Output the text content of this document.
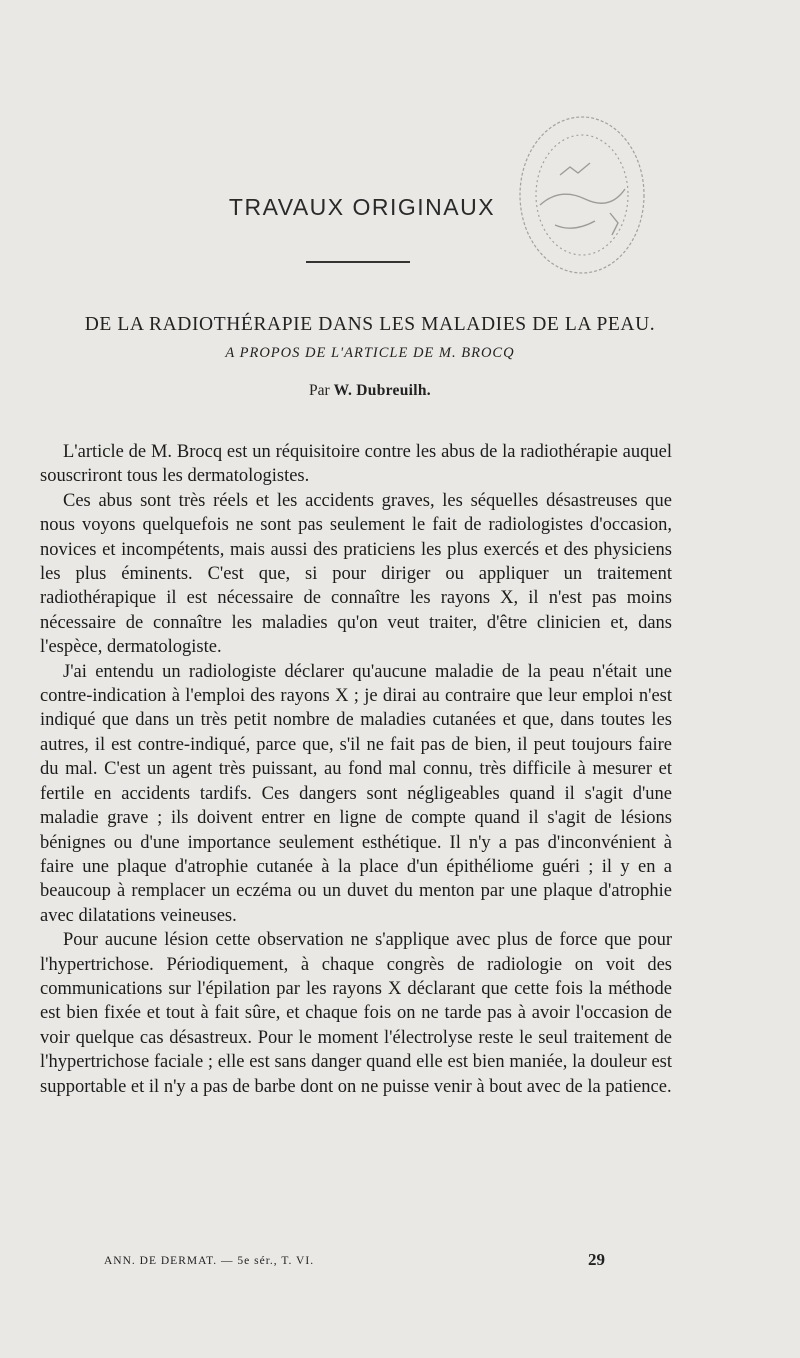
TRAVAUX ORIGINAUX
DE LA RADIOTHÉRAPIE DANS LES MALADIES DE LA PEAU.
A PROPOS DE L'ARTICLE DE M. BROCQ
Par W. Dubreuilh.

L'article de M. Brocq est un réquisitoire contre les abus de la radiothérapie auquel souscriront tous les dermatologistes.

Ces abus sont très réels et les accidents graves, les séquelles désastreuses que nous voyons quelquefois ne sont pas seulement le fait de radiologistes d'occasion, novices et incompétents, mais aussi des praticiens les plus exercés et des physiciens les plus éminents. C'est que, si pour diriger ou appliquer un traitement radiothérapique il est nécessaire de connaître les rayons X, il n'est pas moins nécessaire de connaître les maladies qu'on veut traiter, d'être clinicien et, dans l'espèce, dermatologiste.

J'ai entendu un radiologiste déclarer qu'aucune maladie de la peau n'était une contre-indication à l'emploi des rayons X ; je dirai au contraire que leur emploi n'est indiqué que dans un très petit nombre de maladies cutanées et que, dans toutes les autres, il est contre-indiqué, parce que, s'il ne fait pas de bien, il peut toujours faire du mal. C'est un agent très puissant, au fond mal connu, très difficile à mesurer et fertile en accidents tardifs. Ces dangers sont négligeables quand il s'agit d'une maladie grave ; ils doivent entrer en ligne de compte quand il s'agit de lésions bénignes ou d'une importance seulement esthétique. Il n'y a pas d'inconvénient à faire une plaque d'atrophie cutanée à la place d'un épithéliome guéri ; il y en a beaucoup à remplacer un eczéma ou un duvet du menton par une plaque d'atrophie avec dilatations veineuses.

Pour aucune lésion cette observation ne s'applique avec plus de force que pour l'hypertrichose. Périodiquement, à chaque congrès de radiologie on voit des communications sur l'épilation par les rayons X déclarant que cette fois la méthode est bien fixée et tout à fait sûre, et chaque fois on ne tarde pas à avoir l'occasion de voir quelque cas désastreux. Pour le moment l'électrolyse reste le seul traitement de l'hypertrichose faciale ; elle est sans danger quand elle est bien maniée, la douleur est supportable et il n'y a pas de barbe dont on ne puisse venir à bout avec de la patience.

ANN. DE DERMAT. — 5e sér., T. VI.	29
